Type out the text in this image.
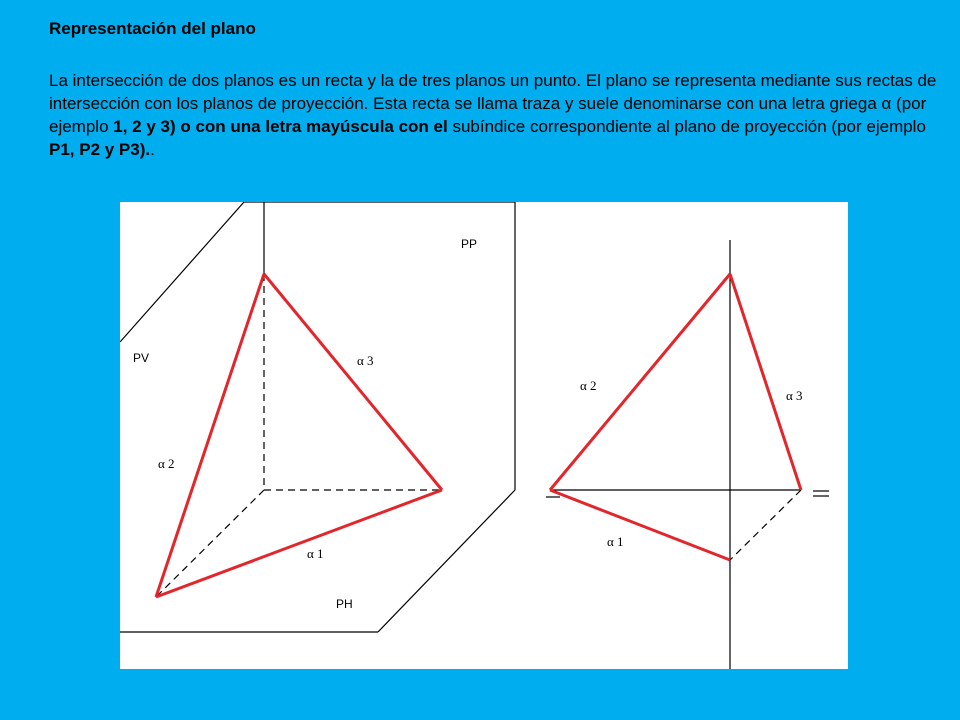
Representación del plano
La intersección de dos planos es un recta y la de tres planos un punto. El plano se representa mediante sus rectas de intersección con los planos de proyección. Esta recta se llama traza y suele denominarse con una letra griega α (por ejemplo 1, 2 y 3) o con una letra mayúscula con el subíndice correspondiente al plano de proyección (por ejemplo P1, P2 y P3)..
PP
PV
PH
α 3
α 2
α 1
α 2
α 3
α 1
